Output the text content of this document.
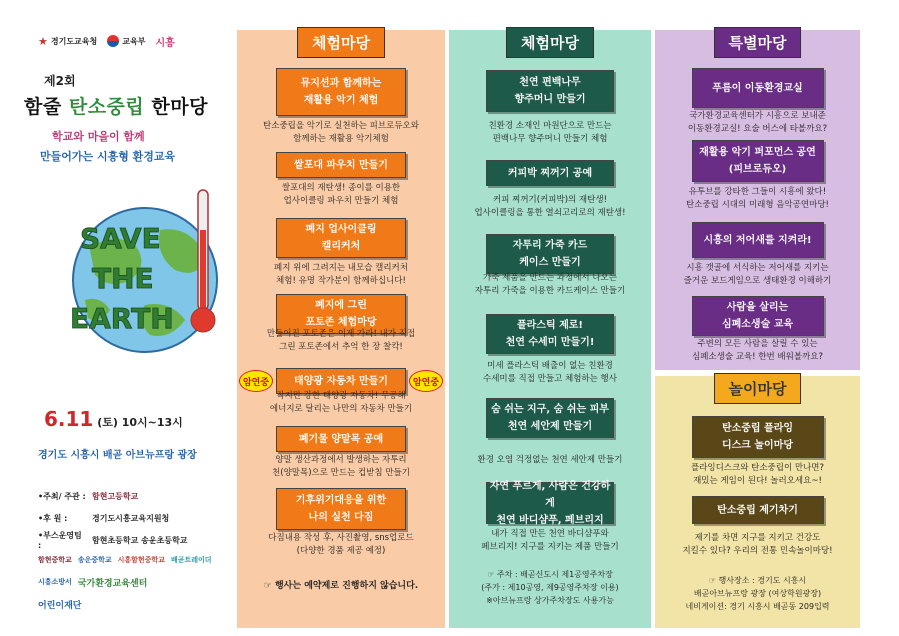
★ 경기도교육청	교육부 시흥
제2회
함줄 탄소중립 한마당
학교와 마을이 함께
만들어가는 시흥형 환경교육
SAVE
THE
EARTH
6.11 (토) 10시~13시
경기도 시흥시 배곧 아브뉴프랑 광장
•주최/ 주관 : 함현고등학교
•후 원 :	경기도시흥교육지원청
•부스운영팀 :
함현초등학교 송운초등학교
함현중학교 송운중학교 시흥함현중학교 배곧트레이더
시흥소방서 국가환경교육센터
어린이재단
체험마당
뮤지션과 함께하는
재활용 악기 체험
탄소중립을 악기로 실천하는 피브로듀오와
함께하는 재활용 악기체험
쌀포대 파우치 만들기
쌀포대의 재탄생! 종이를 이용한
업사이클링 파우치 만들기 체험
폐지 업사이클링
캘리커처
폐지 위에 그려지는 내모습 캘리커처
체험! 유명 작가분이 함께하십니다!
폐지에 그린
포토존 체험마당
만들어진 포토존은 이제 가라! 내가 직접
그린 포토존에서 추억 한 장 찰칵!
암연중	암연중
태양광 자동차 만들기
작지만 강한 태양광 자동차! 무공해
에너지로 달리는 나만의 자동차 만들기
폐기물 양말목 공예
양말 생산과정에서 발생하는 자투리
천(양말목)으로 만드는 컵받침 만들기
기후위기대응을 위한
나의 실천 다짐
다짐내용 작성 후, 사진촬영, sns업로드
(다양한 경품 제공 예정)
☞ 행사는 예약제로 진행하지 않습니다.
체험마당
천연 편백나무
향주머니 만들기
친환경 소재인 마원단으로 만드는
편백나무 향주머니 만들기 체험
커피박 찌꺼기 공예
커피 찌꺼기(커피박)의 재탄생!
업사이클링을 통한 열쇠고리로의 재탄생!
자투리 가죽 카드
케이스 만들기
가죽 제품을 만드는 과정에서 나오는
자투리 가죽을 이용한 카드케이스 만들기
플라스틱 제로!
천연 수세미 만들기!
미세 플라스틱 배출이 없는 친환경
수세미를 직접 만들고 체험하는 행사
숨 쉬는 지구, 숨 쉬는 피부
천연 세안제 만들기
환경 오염 걱정없는 천연 세안제 만들기
자연 푸르게, 사람은 건강하게
천연 바디샴푸, 페브리지
내가 직접 만든 천연 바디샴푸와
페브리지! 지구를 지키는 제품 만들기
☞ 주차 : 배곧신도시 제1공영주차장
(주가 : 제10공영, 제9공영주차장 이용)
※아브뉴프랑 상가주차장도 사용가능
특별마당
푸름이 이동환경교실
국가환경교육센터가 시흥으로 보내준
이동환경교실! 요술 버스에 타볼까요?
재활용 악기 퍼포먼스 공연
(피브로듀오)
유투브를 강타한 그들이 시흥에 왔다!
탄소중립 시대의 미래형 음악공연마당!
시흥의 저어새를 지켜라!
시흥 갯골에 서식하는 저어새를 지키는
즐거운 보드게임으로 생태환경 이해하기
사람을 살리는
심폐소생술 교육
주변의 모든 사람을 살릴 수 있는
심폐소생술 교육! 한번 배워볼까요?
놀이마당
탄소중립 플라잉
디스크 놀이마당
플라잉디스크와 탄소중립이 만나면?
재밌는 게임이 된다! 놀러오세요~!
탄소중립 제기차기
제기를 차면 지구를 지키고 건강도
지킬수 있다? 우리의 전통 민속놀이마당!
☞ 행사장소 : 경기도 시흥시
배곧아브뉴프랑 광장 (여상학원광장)
네비게이션: 경기 시흥시 배곧동 209입력
